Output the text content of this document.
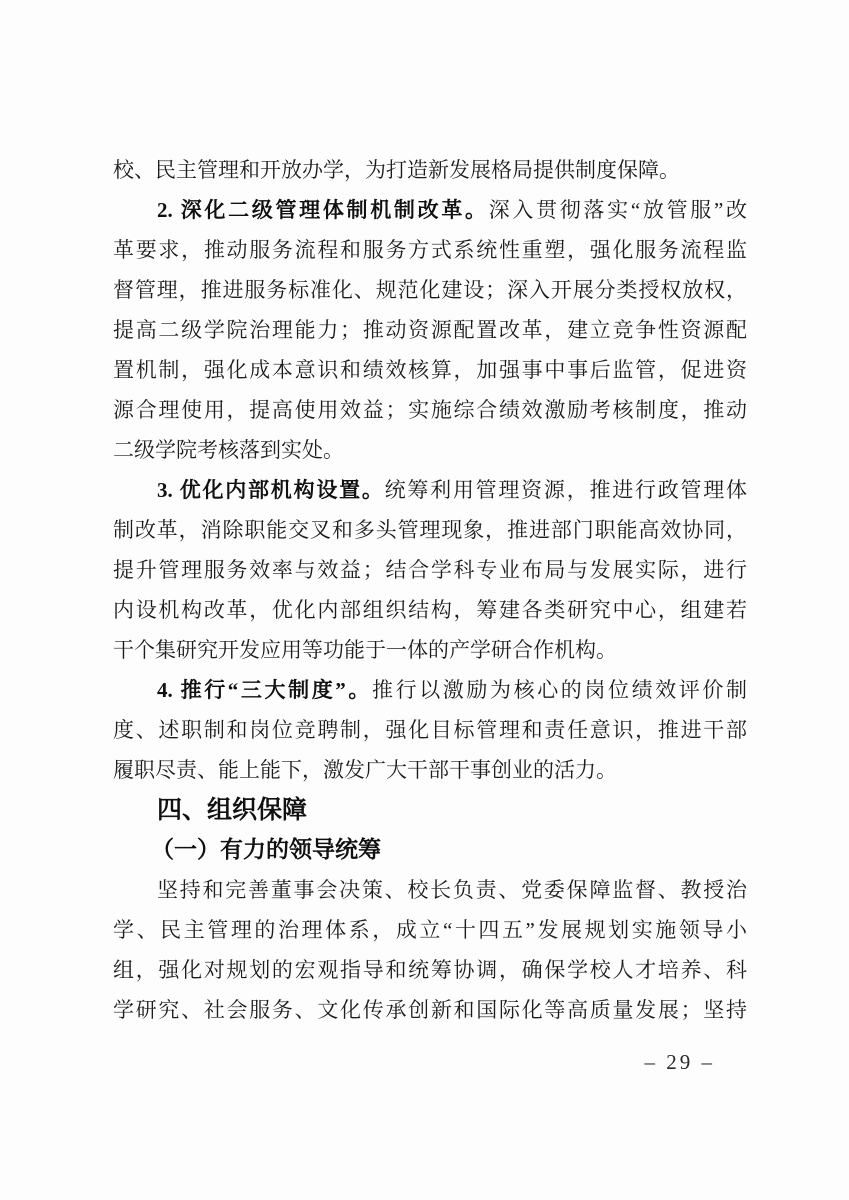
校、民主管理和开放办学，为打造新发展格局提供制度保障。
2. 深化二级管理体制机制改革。深入贯彻落实“放管服”改
革要求，推动服务流程和服务方式系统性重塑，强化服务流程监
督管理，推进服务标准化、规范化建设；深入开展分类授权放权，
提高二级学院治理能力；推动资源配置改革，建立竞争性资源配
置机制，强化成本意识和绩效核算，加强事中事后监管，促进资
源合理使用，提高使用效益；实施综合绩效激励考核制度，推动
二级学院考核落到实处。
3. 优化内部机构设置。统筹利用管理资源，推进行政管理体
制改革，消除职能交叉和多头管理现象，推进部门职能高效协同，
提升管理服务效率与效益；结合学科专业布局与发展实际，进行
内设机构改革，优化内部组织结构，筹建各类研究中心，组建若
干个集研究开发应用等功能于一体的产学研合作机构。
4. 推行“三大制度”。推行以激励为核心的岗位绩效评价制
度、述职制和岗位竞聘制，强化目标管理和责任意识，推进干部
履职尽责、能上能下，激发广大干部干事创业的活力。
四、组织保障
（一）有力的领导统筹
坚持和完善董事会决策、校长负责、党委保障监督、教授治
学、民主管理的治理体系，成立“十四五”发展规划实施领导小
组，强化对规划的宏观指导和统筹协调，确保学校人才培养、科
学研究、社会服务、文化传承创新和国际化等高质量发展；坚持
– 29 –
